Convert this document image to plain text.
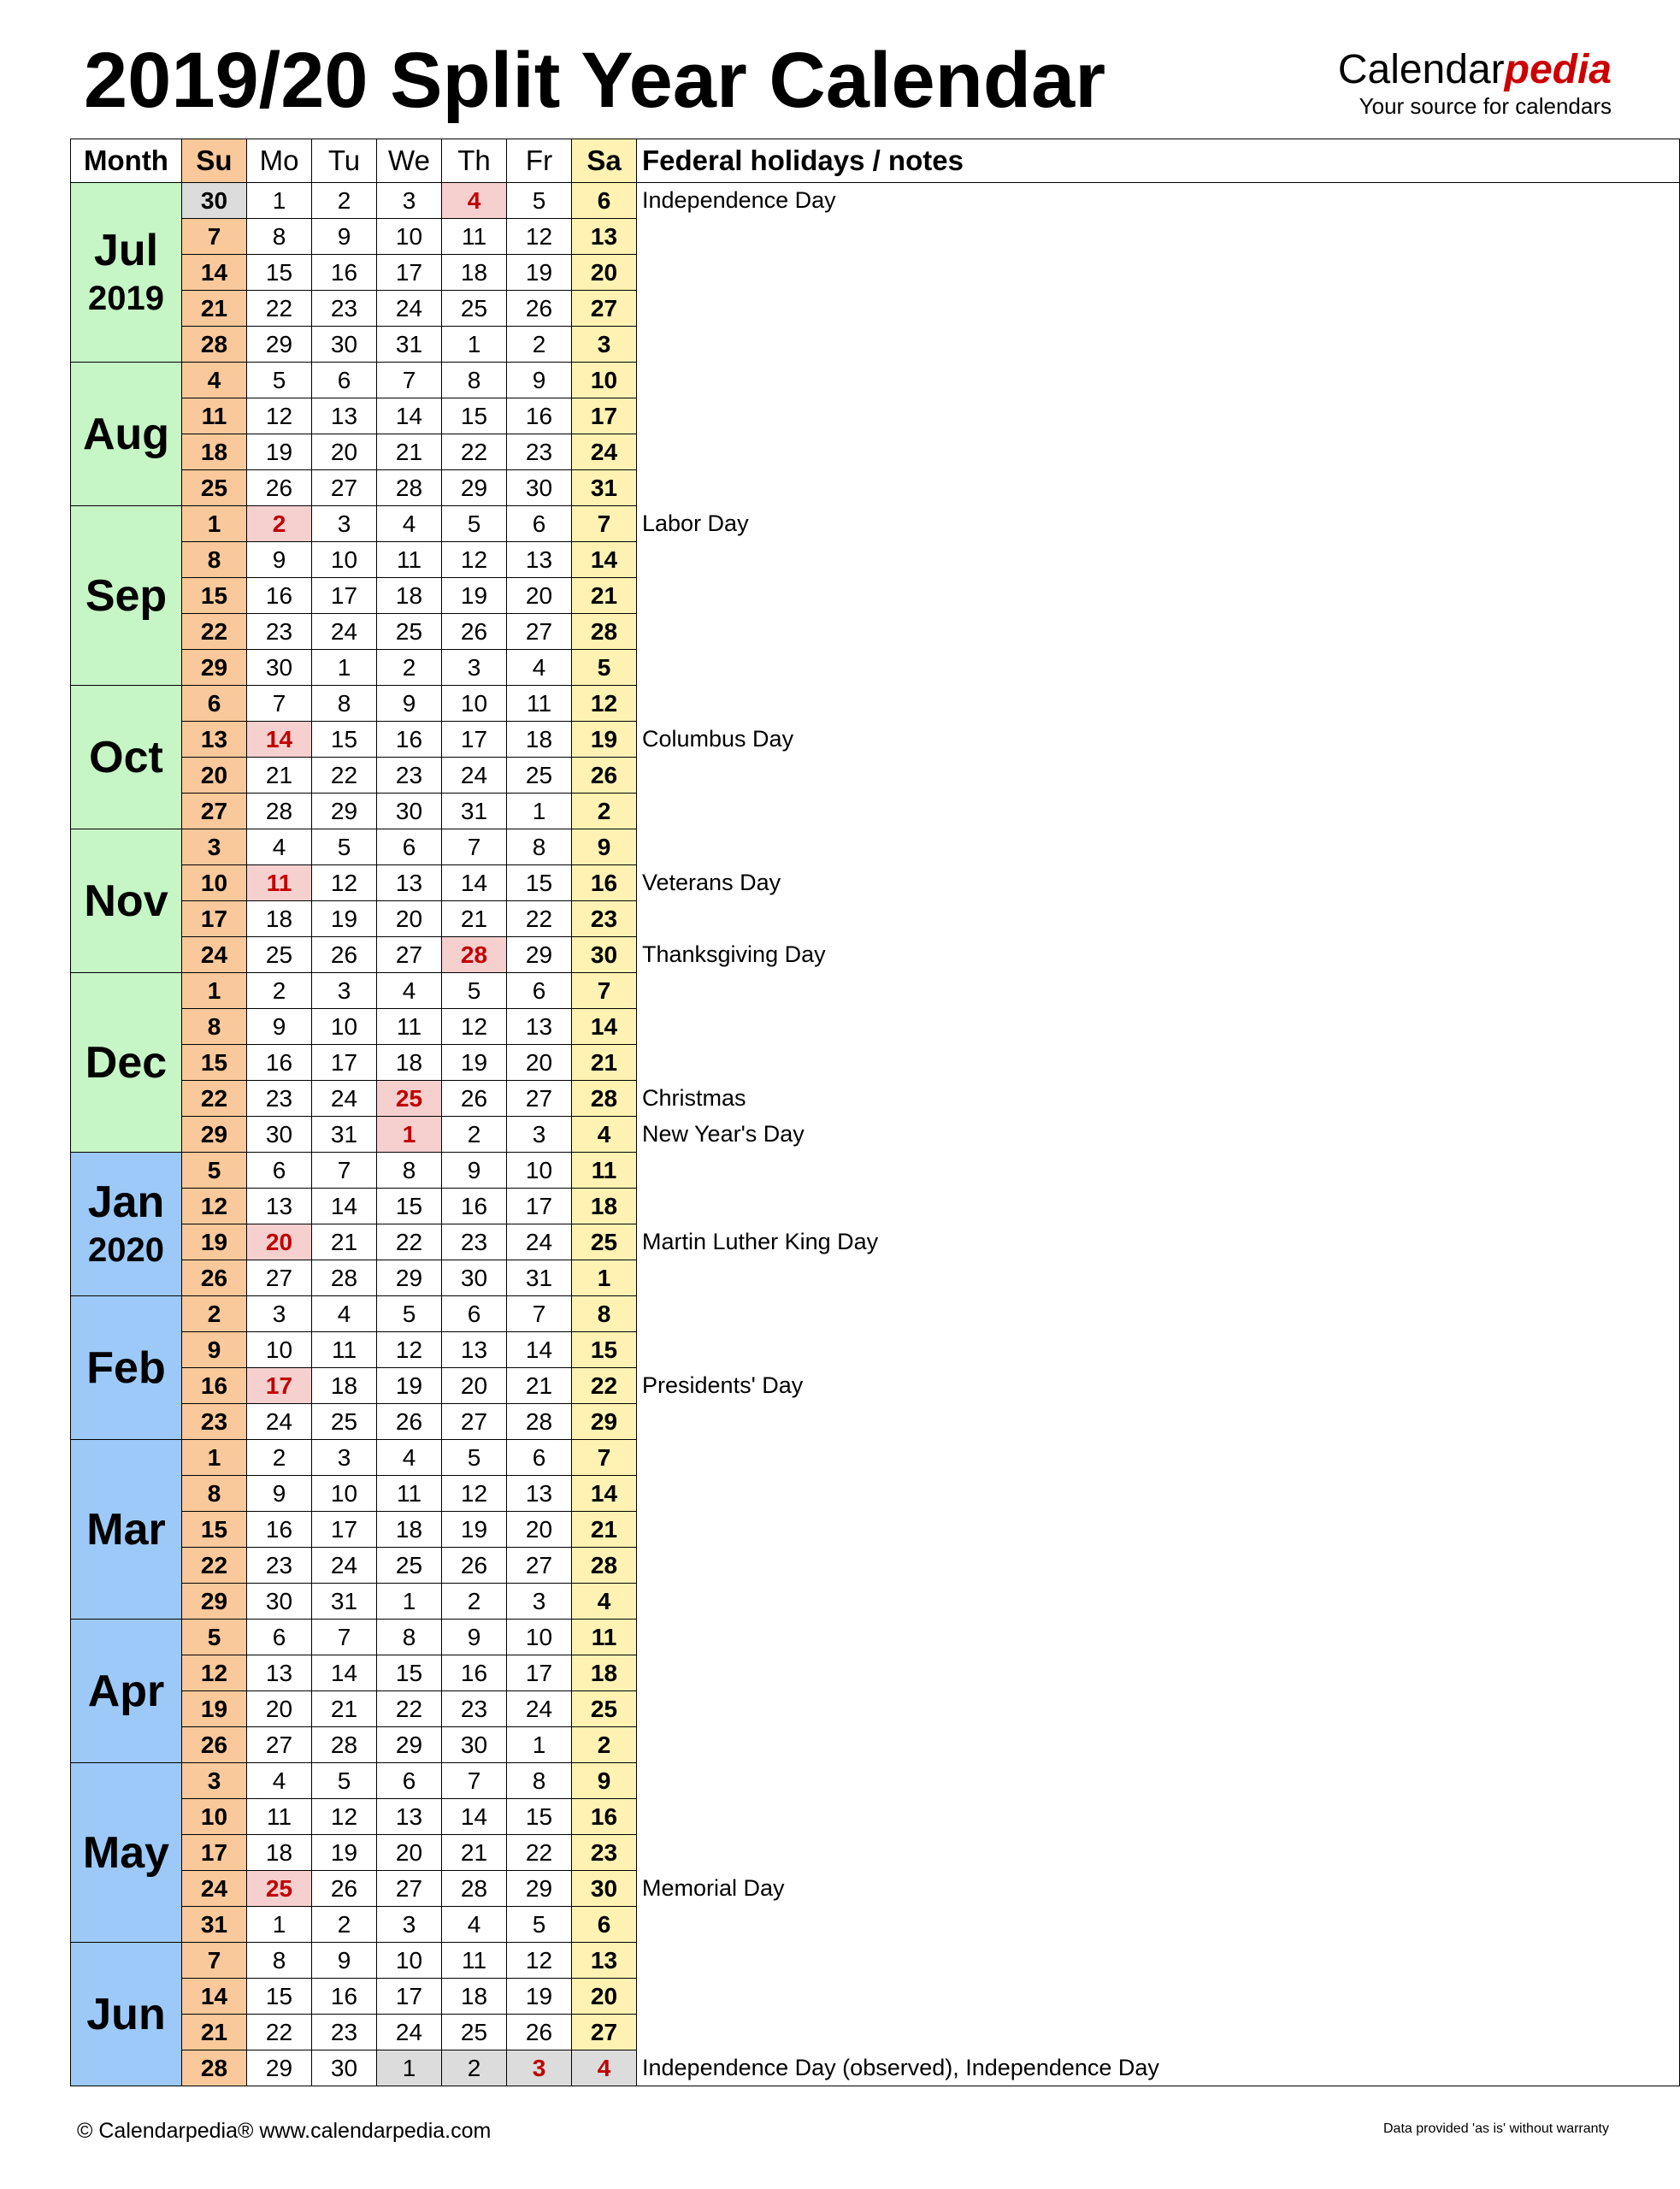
2019/20 Split Year Calendar	Calendarpedia
Your source for calendars
Month	Su	Mo	Tu	We	Th	Fr	Sa	Federal holidays / notes
Jul
2019	30	1	2	3	4	5	6	Independence Day
	7	8	9	10	11	12	13	
	14	15	16	17	18	19	20	
	21	22	23	24	25	26	27	
	28	29	30	31	1	2	3	
Aug	4	5	6	7	8	9	10	
	11	12	13	14	15	16	17	
	18	19	20	21	22	23	24	
	25	26	27	28	29	30	31	
Sep	1	2	3	4	5	6	7	Labor Day
	8	9	10	11	12	13	14	
	15	16	17	18	19	20	21	
	22	23	24	25	26	27	28	
	29	30	1	2	3	4	5	
Oct	6	7	8	9	10	11	12	
	13	14	15	16	17	18	19	Columbus Day
	20	21	22	23	24	25	26	
	27	28	29	30	31	1	2	
Nov	3	4	5	6	7	8	9	
	10	11	12	13	14	15	16	Veterans Day
	17	18	19	20	21	22	23	
	24	25	26	27	28	29	30	Thanksgiving Day
Dec	1	2	3	4	5	6	7	
	8	9	10	11	12	13	14	
	15	16	17	18	19	20	21	
	22	23	24	25	26	27	28	Christmas
	29	30	31	1	2	3	4	New Year's Day
Jan
2020	5	6	7	8	9	10	11	
	12	13	14	15	16	17	18	
	19	20	21	22	23	24	25	Martin Luther King Day
	26	27	28	29	30	31	1	
Feb	2	3	4	5	6	7	8	
	9	10	11	12	13	14	15	
	16	17	18	19	20	21	22	Presidents' Day
	23	24	25	26	27	28	29	
Mar	1	2	3	4	5	6	7	
	8	9	10	11	12	13	14	
	15	16	17	18	19	20	21	
	22	23	24	25	26	27	28	
	29	30	31	1	2	3	4	
Apr	5	6	7	8	9	10	11	
	12	13	14	15	16	17	18	
	19	20	21	22	23	24	25	
	26	27	28	29	30	1	2	
May	3	4	5	6	7	8	9	
	10	11	12	13	14	15	16	
	17	18	19	20	21	22	23	
	24	25	26	27	28	29	30	Memorial Day
	31	1	2	3	4	5	6	
Jun	7	8	9	10	11	12	13	
	14	15	16	17	18	19	20	
	21	22	23	24	25	26	27	
	28	29	30	1	2	3	4	Independence Day (observed), Independence Day
© Calendarpedia® www.calendarpedia.com	Data provided 'as is' without warranty
